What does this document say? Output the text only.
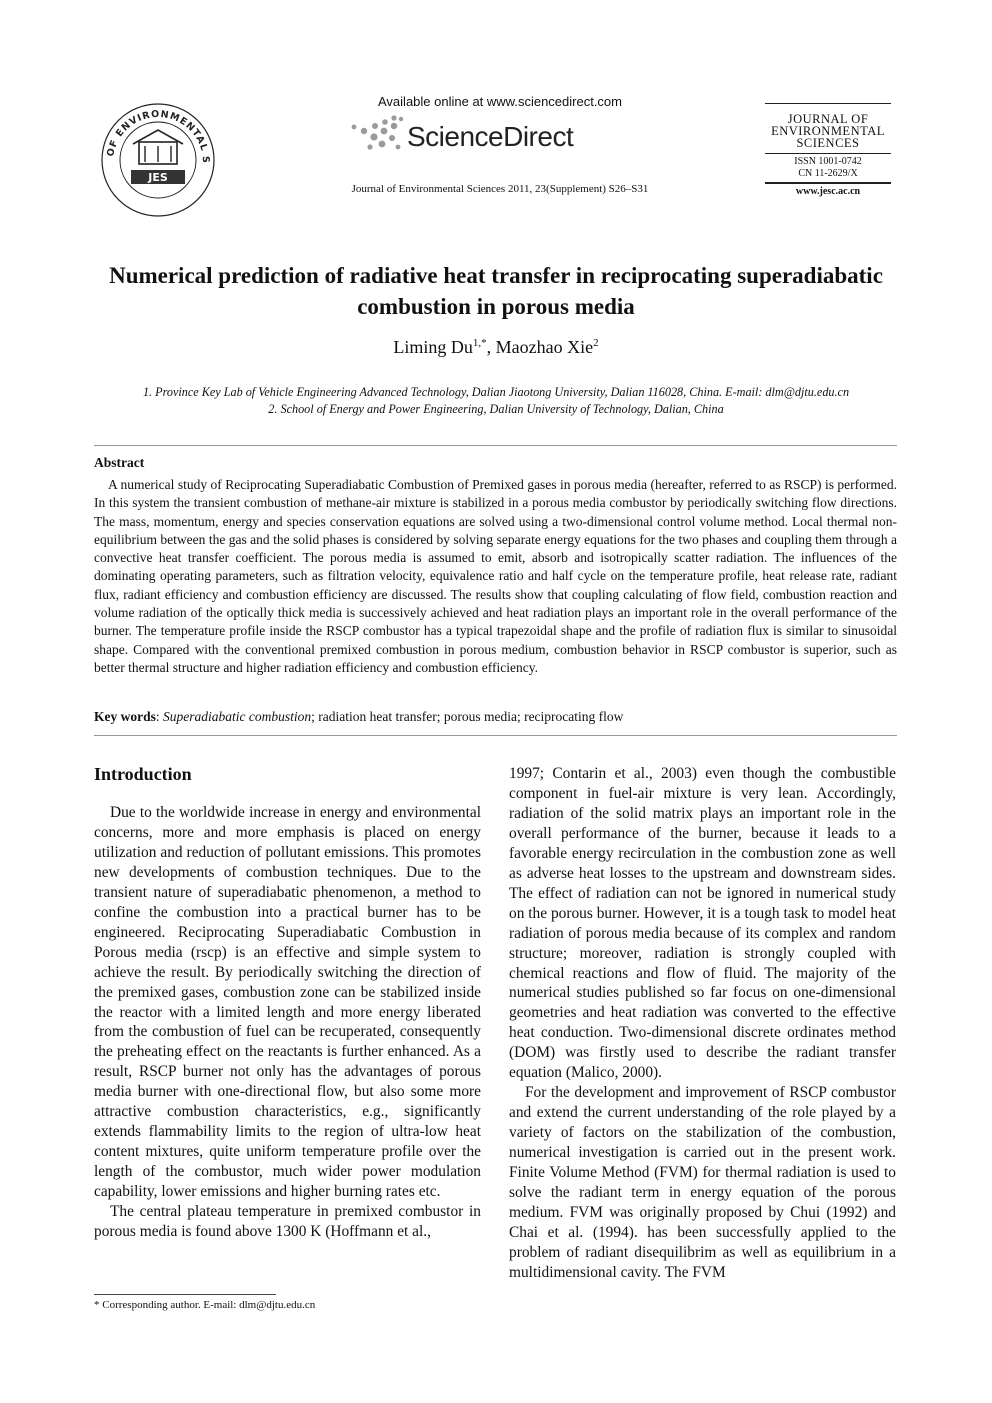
OF ENVIRONMENTAL S
JES
Available online at www.sciencedirect.com
ScienceDirect
Journal of Environmental Sciences 2011, 23(Supplement) S26–S31
JOURNAL OF
ENVIRONMENTAL
SCIENCES
ISSN 1001-0742
CN 11-2629/X
www.jesc.ac.cn
Numerical prediction of radiative heat transfer in reciprocating superadiabatic
combustion in porous media
Liming $Du^{1,*}$, Maozhao Xie$^2$
1. Province Key Lab of Vehicle Engineering Advanced Technology, Dalian Jiaotong University, Dalian 116028, China. E-mail: dlm@djtu.edu.cn
2. School of Energy and Power Engineering, Dalian University of Technology, Dalian, China
Abstract
A numerical study of Reciprocating Superadiabatic Combustion of Premixed gases in porous media (hereafter, referred to as RSCP) is performed. In this system the transient combustion of methane-air mixture is stabilized in a porous media combustor by periodically switching flow directions. The mass, momentum, energy and species conservation equations are solved using a two-dimensional control volume method. Local thermal non-equilibrium between the gas and the solid phases is considered by solving separate energy equations for the two phases and coupling them through a convective heat transfer coefficient. The porous media is assumed to emit, absorb and isotropically scatter radiation. The influences of the dominating operating parameters, such as filtration velocity, equivalence ratio and half cycle on the temperature profile, heat release rate, radiant flux, radiant efficiency and combustion efficiency are discussed. The results show that coupling calculating of flow field, combustion reaction and volume radiation of the optically thick media is successively achieved and heat radiation plays an important role in the overall performance of the burner. The temperature profile inside the RSCP combustor has a typical trapezoidal shape and the profile of radiation flux is similar to sinusoidal shape. Compared with the conventional premixed combustion in porous medium, combustion behavior in RSCP combustor is superior, such as better thermal structure and higher radiation efficiency and combustion efficiency.
Key words: Superadiabatic combustion; radiation heat transfer; porous media; reciprocating flow
Introduction

Due to the worldwide increase in energy and environmental concerns, more and more emphasis is placed on energy utilization and reduction of pollutant emissions. This promotes new developments of combustion techniques. Due to the transient nature of superadiabatic phenomenon, a method to confine the combustion into a practical burner has to be engineered. Reciprocating Superadiabatic Combustion in Porous media (rscp) is an effective and simple system to achieve the result. By periodically switching the direction of the premixed gases, combustion zone can be stabilized inside the reactor with a limited length and more energy liberated from the combustion of fuel can be recuperated, consequently the preheating effect on the reactants is further enhanced. As a result, RSCP burner not only has the advantages of porous media burner with one-directional flow, but also some more attractive combustion characteristics, e.g., significantly extends flammability limits to the region of ultra-low heat content mixtures, quite uniform temperature profile over the length of the combustor, much wider power modulation capability, lower emissions and higher burning rates etc.

The central plateau temperature in premixed combustor in porous media is found above 1300 K (Hoffmann et al.,

1997; Contarin et al., 2003) even though the combustible component in fuel-air mixture is very lean. Accordingly, radiation of the solid matrix plays an important role in the overall performance of the burner, because it leads to a favorable energy recirculation in the combustion zone as well as adverse heat losses to the upstream and downstream sides. The effect of radiation can not be ignored in numerical study on the porous burner. However, it is a tough task to model heat radiation of porous media because of its complex and random structure; moreover, radiation is strongly coupled with chemical reactions and flow of fluid. The majority of the numerical studies published so far focus on one-dimensional geometries and heat radiation was converted to the effective heat conduction. Two-dimensional discrete ordinates method (DOM) was firstly used to describe the radiant transfer equation (Malico, 2000).

For the development and improvement of RSCP combustor and extend the current understanding of the role played by a variety of factors on the stabilization of the combustion, numerical investigation is carried out in the present work. Finite Volume Method (FVM) for thermal radiation is used to solve the radiant term in energy equation of the porous medium. FVM was originally proposed by Chui (1992) and Chai et al. (1994). has been successfully applied to the problem of radiant disequilibrim as well as equilibrium in a multidimensional cavity. The FVM

* Corresponding author. E-mail: dlm@djtu.edu.cn
